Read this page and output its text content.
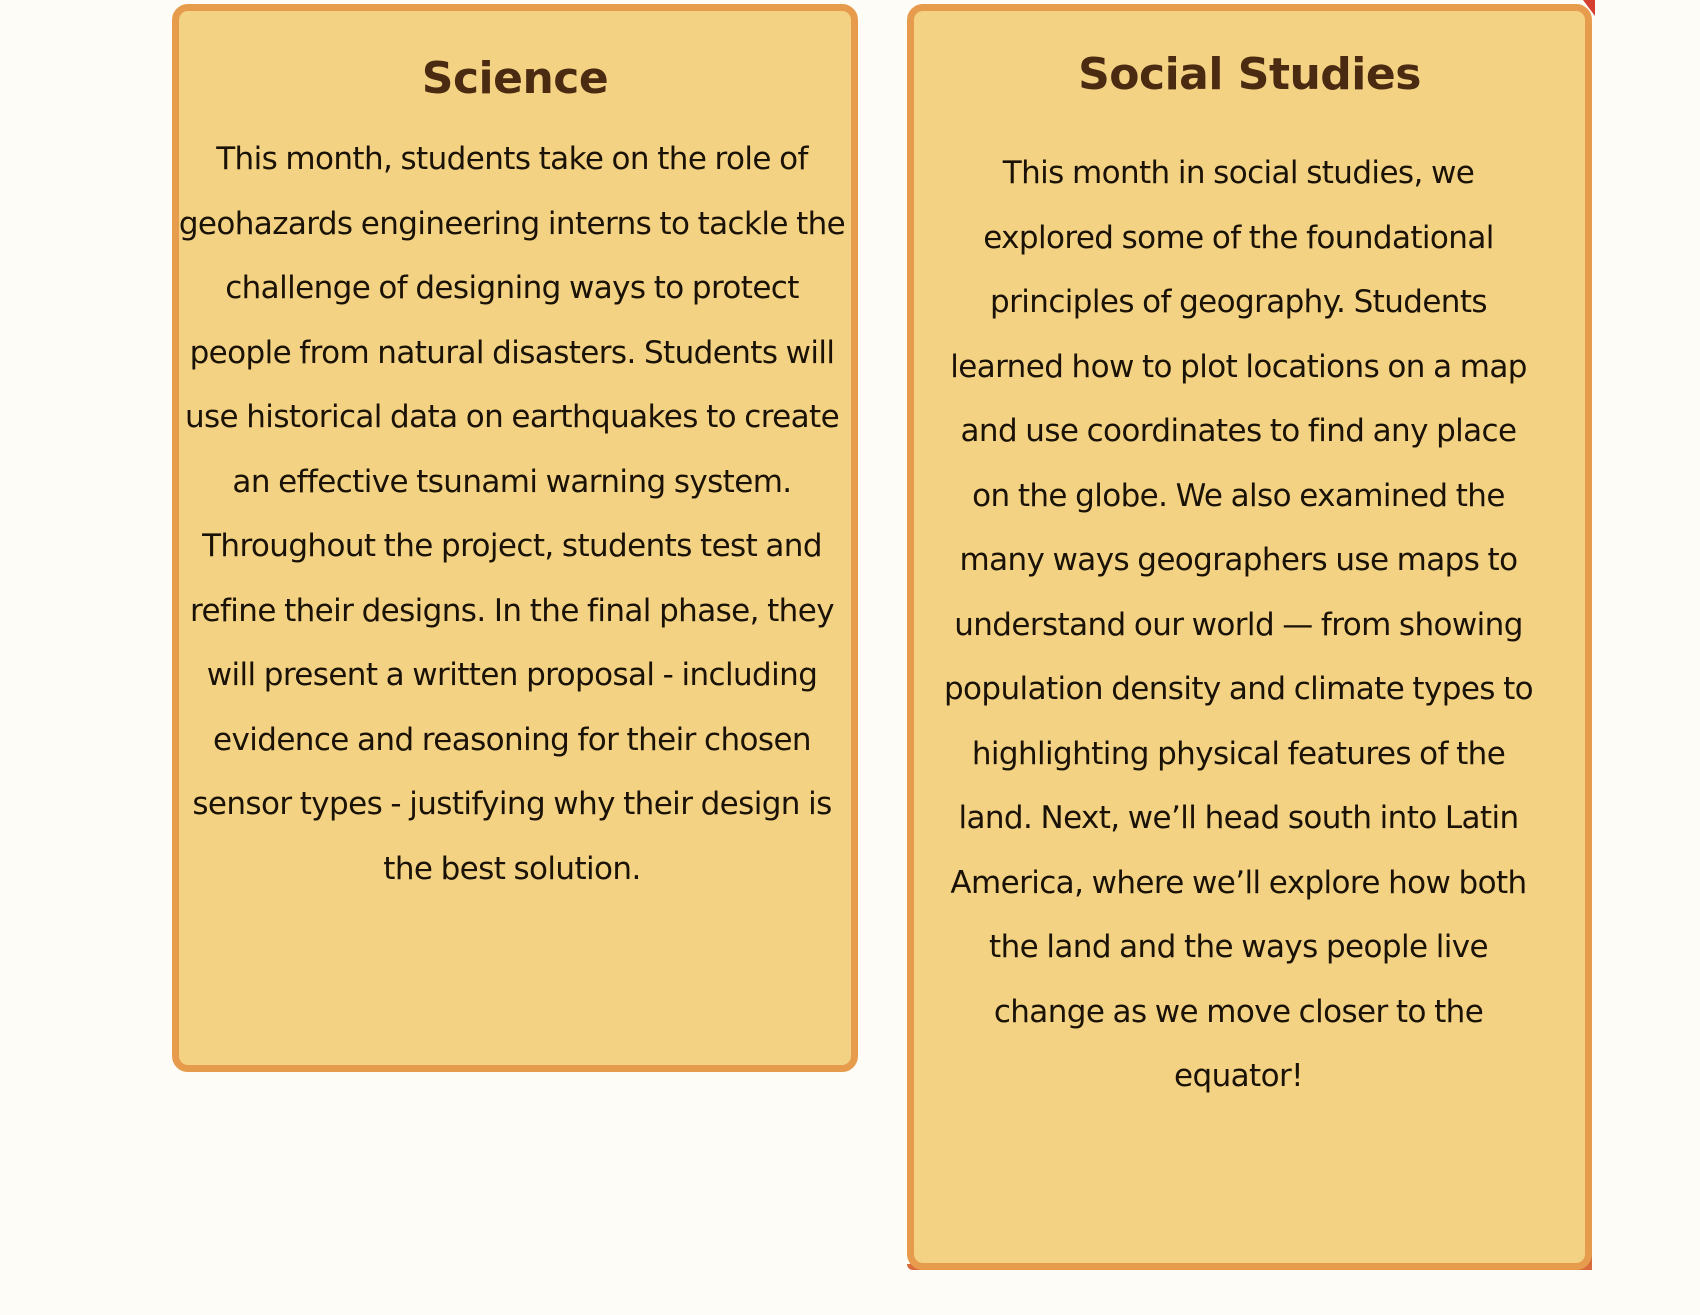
Science

This month, students take on the role of geohazards engineering interns to tackle the challenge of designing ways to protect people from natural disasters. Students will use historical data on earthquakes to create an effective tsunami warning system. Throughout the project, students test and refine their designs. In the final phase, they will present a written proposal - including evidence and reasoning for their chosen sensor types - justifying why their design is the best solution.

Social Studies

This month in social studies, we explored some of the foundational principles of geography. Students learned how to plot locations on a map and use coordinates to find any place on the globe. We also examined the many ways geographers use maps to understand our world — from showing population density and climate types to highlighting physical features of the land. Next, we’ll head south into Latin America, where we’ll explore how both the land and the ways people live change as we move closer to the equator!
